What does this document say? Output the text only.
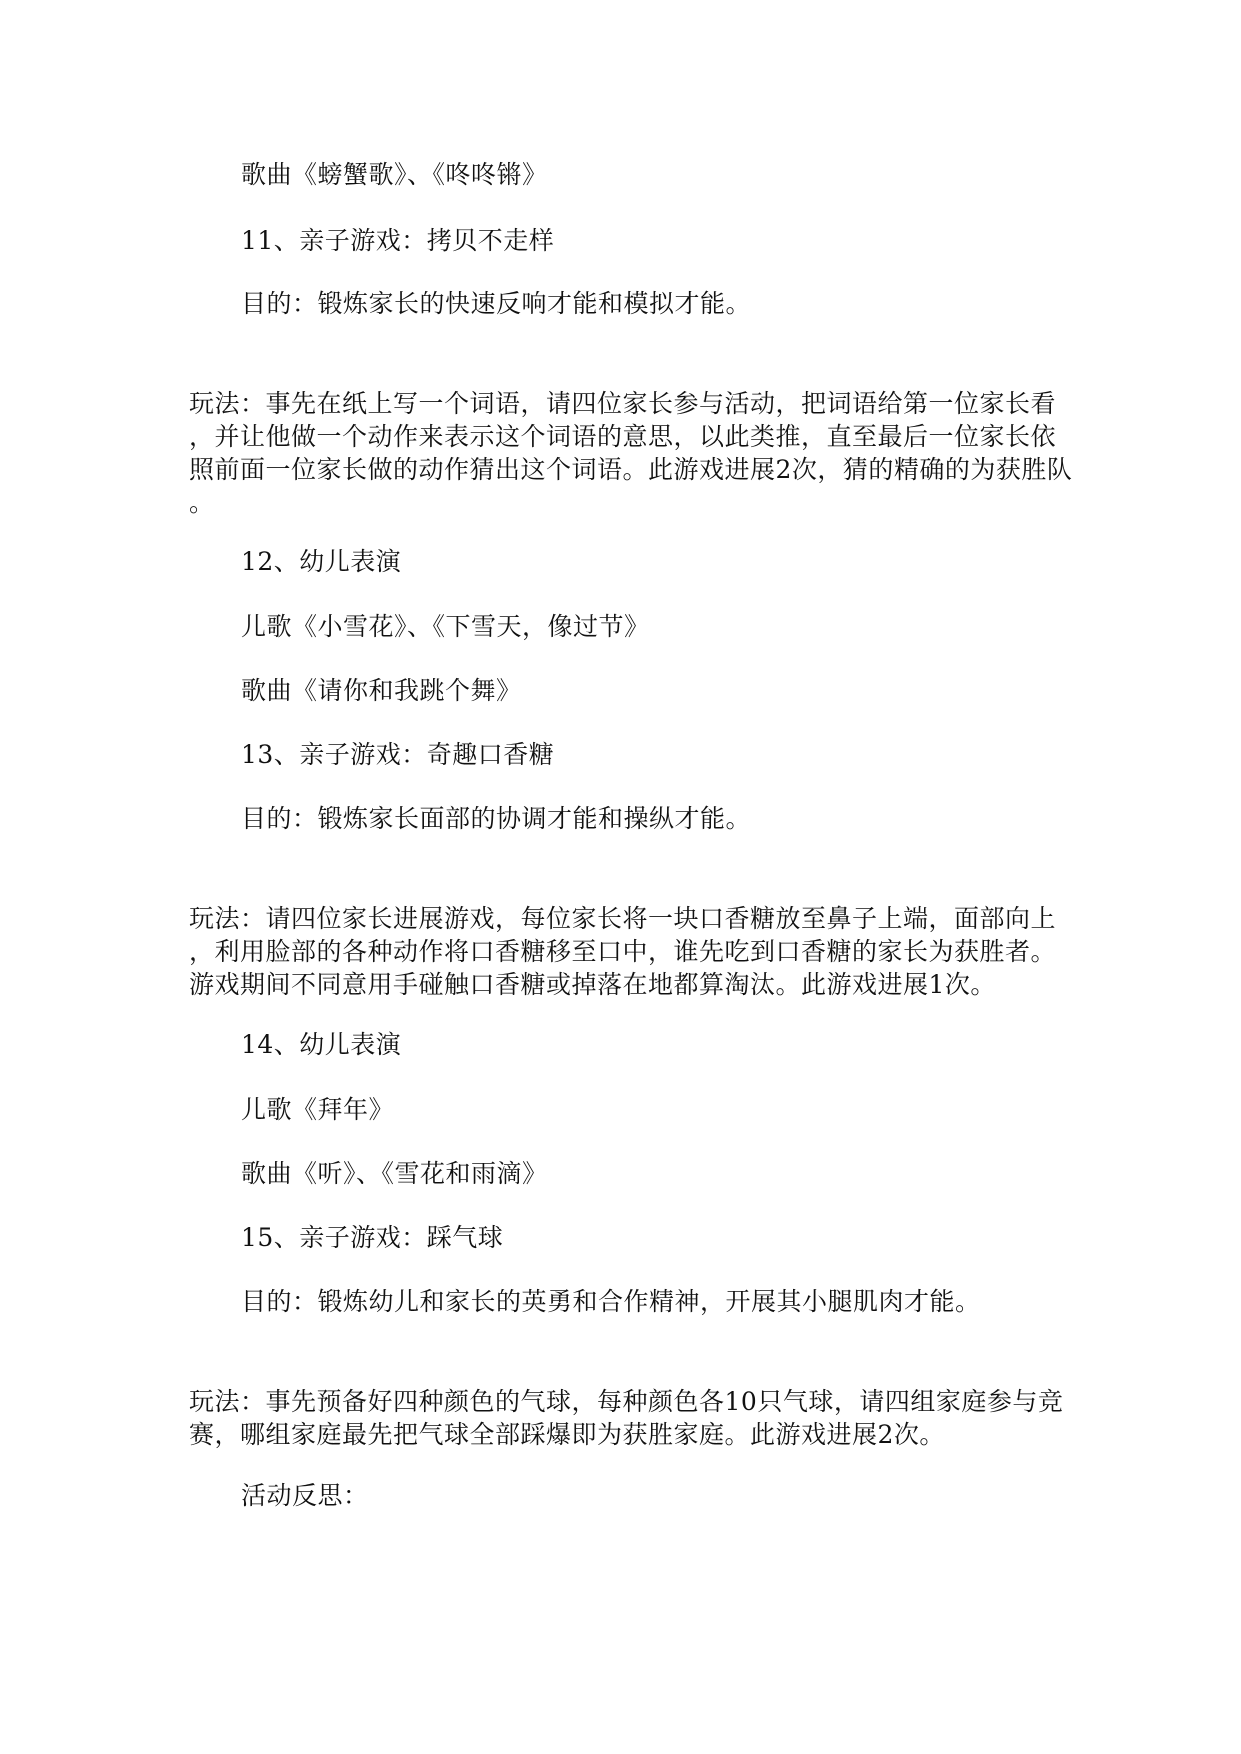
歌曲《螃蟹歌》、《咚咚锵》
11、亲子游戏：拷贝不走样
目的：锻炼家长的快速反响才能和模拟才能。
玩法：事先在纸上写一个词语，请四位家长参与活动，把词语给第一位家长看
，并让他做一个动作来表示这个词语的意思，以此类推，直至最后一位家长依
照前面一位家长做的动作猜出这个词语。此游戏进展2次，猜的精确的为获胜队
。
12、幼儿表演
儿歌《小雪花》、《下雪天，像过节》
歌曲《请你和我跳个舞》
13、亲子游戏：奇趣口香糖
目的：锻炼家长面部的协调才能和操纵才能。
玩法：请四位家长进展游戏，每位家长将一块口香糖放至鼻子上端，面部向上
，利用脸部的各种动作将口香糖移至口中，谁先吃到口香糖的家长为获胜者。
游戏期间不同意用手碰触口香糖或掉落在地都算淘汰。此游戏进展1次。
14、幼儿表演
儿歌《拜年》
歌曲《听》、《雪花和雨滴》
15、亲子游戏：踩气球
目的：锻炼幼儿和家长的英勇和合作精神，开展其小腿肌肉才能。
玩法：事先预备好四种颜色的气球，每种颜色各10只气球，请四组家庭参与竞
赛，哪组家庭最先把气球全部踩爆即为获胜家庭。此游戏进展2次。
活动反思：
